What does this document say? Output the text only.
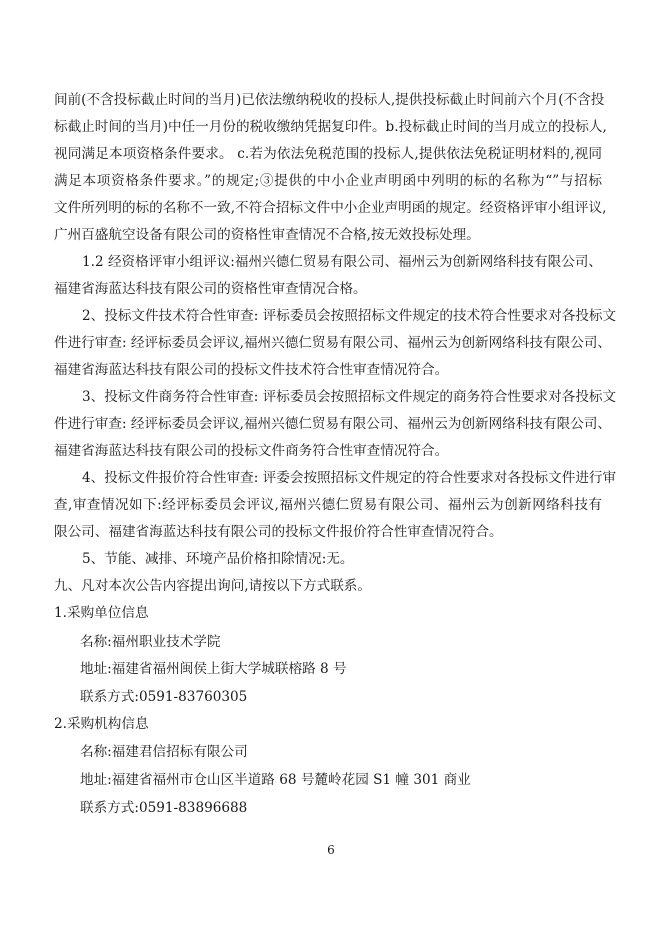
间前(不含投标截止时间的当月)已依法缴纳税收的投标人,提供投标截止时间前六个月(不含投
标截止时间的当月)中任一月份的税收缴纳凭据复印件。b.投标截止时间的当月成立的投标人,
视同满足本项资格条件要求。 c.若为依法免税范围的投标人,提供依法免税证明材料的,视同
满足本项资格条件要求。”的规定;③提供的中小企业声明函中列明的标的名称为“”与招标
文件所列明的标的名称不一致,不符合招标文件中小企业声明函的规定。经资格评审小组评议,
广州百盛航空设备有限公司的资格性审查情况不合格,按无效投标处理。
1.2 经资格评审小组评议:福州兴德仁贸易有限公司、福州云为创新网络科技有限公司、
福建省海蓝达科技有限公司的资格性审查情况合格。
2、投标文件技术符合性审查: 评标委员会按照招标文件规定的技术符合性要求对各投标文
件进行审查: 经评标委员会评议,福州兴德仁贸易有限公司、福州云为创新网络科技有限公司、
福建省海蓝达科技有限公司的投标文件技术符合性审查情况符合。
3、投标文件商务符合性审查: 评标委员会按照招标文件规定的商务符合性要求对各投标文
件进行审查: 经评标委员会评议,福州兴德仁贸易有限公司、福州云为创新网络科技有限公司、
福建省海蓝达科技有限公司的投标文件商务符合性审查情况符合。
4、投标文件报价符合性审查: 评委会按照招标文件规定的符合性要求对各投标文件进行审
查,审查情况如下:经评标委员会评议,福州兴德仁贸易有限公司、福州云为创新网络科技有
限公司、福建省海蓝达科技有限公司的投标文件报价符合性审查情况符合。
5、节能、减排、环境产品价格扣除情况:无。
九、凡对本次公告内容提出询问,请按以下方式联系。
1.采购单位信息
名称:福州职业技术学院
地址:福建省福州闽侯上街大学城联榕路 8 号
联系方式:0591-83760305
2.采购机构信息
名称:福建君信招标有限公司
地址:福建省福州市仓山区半道路 68 号麓岭花园 S1 幢 301 商业
联系方式:0591-83896688
6
